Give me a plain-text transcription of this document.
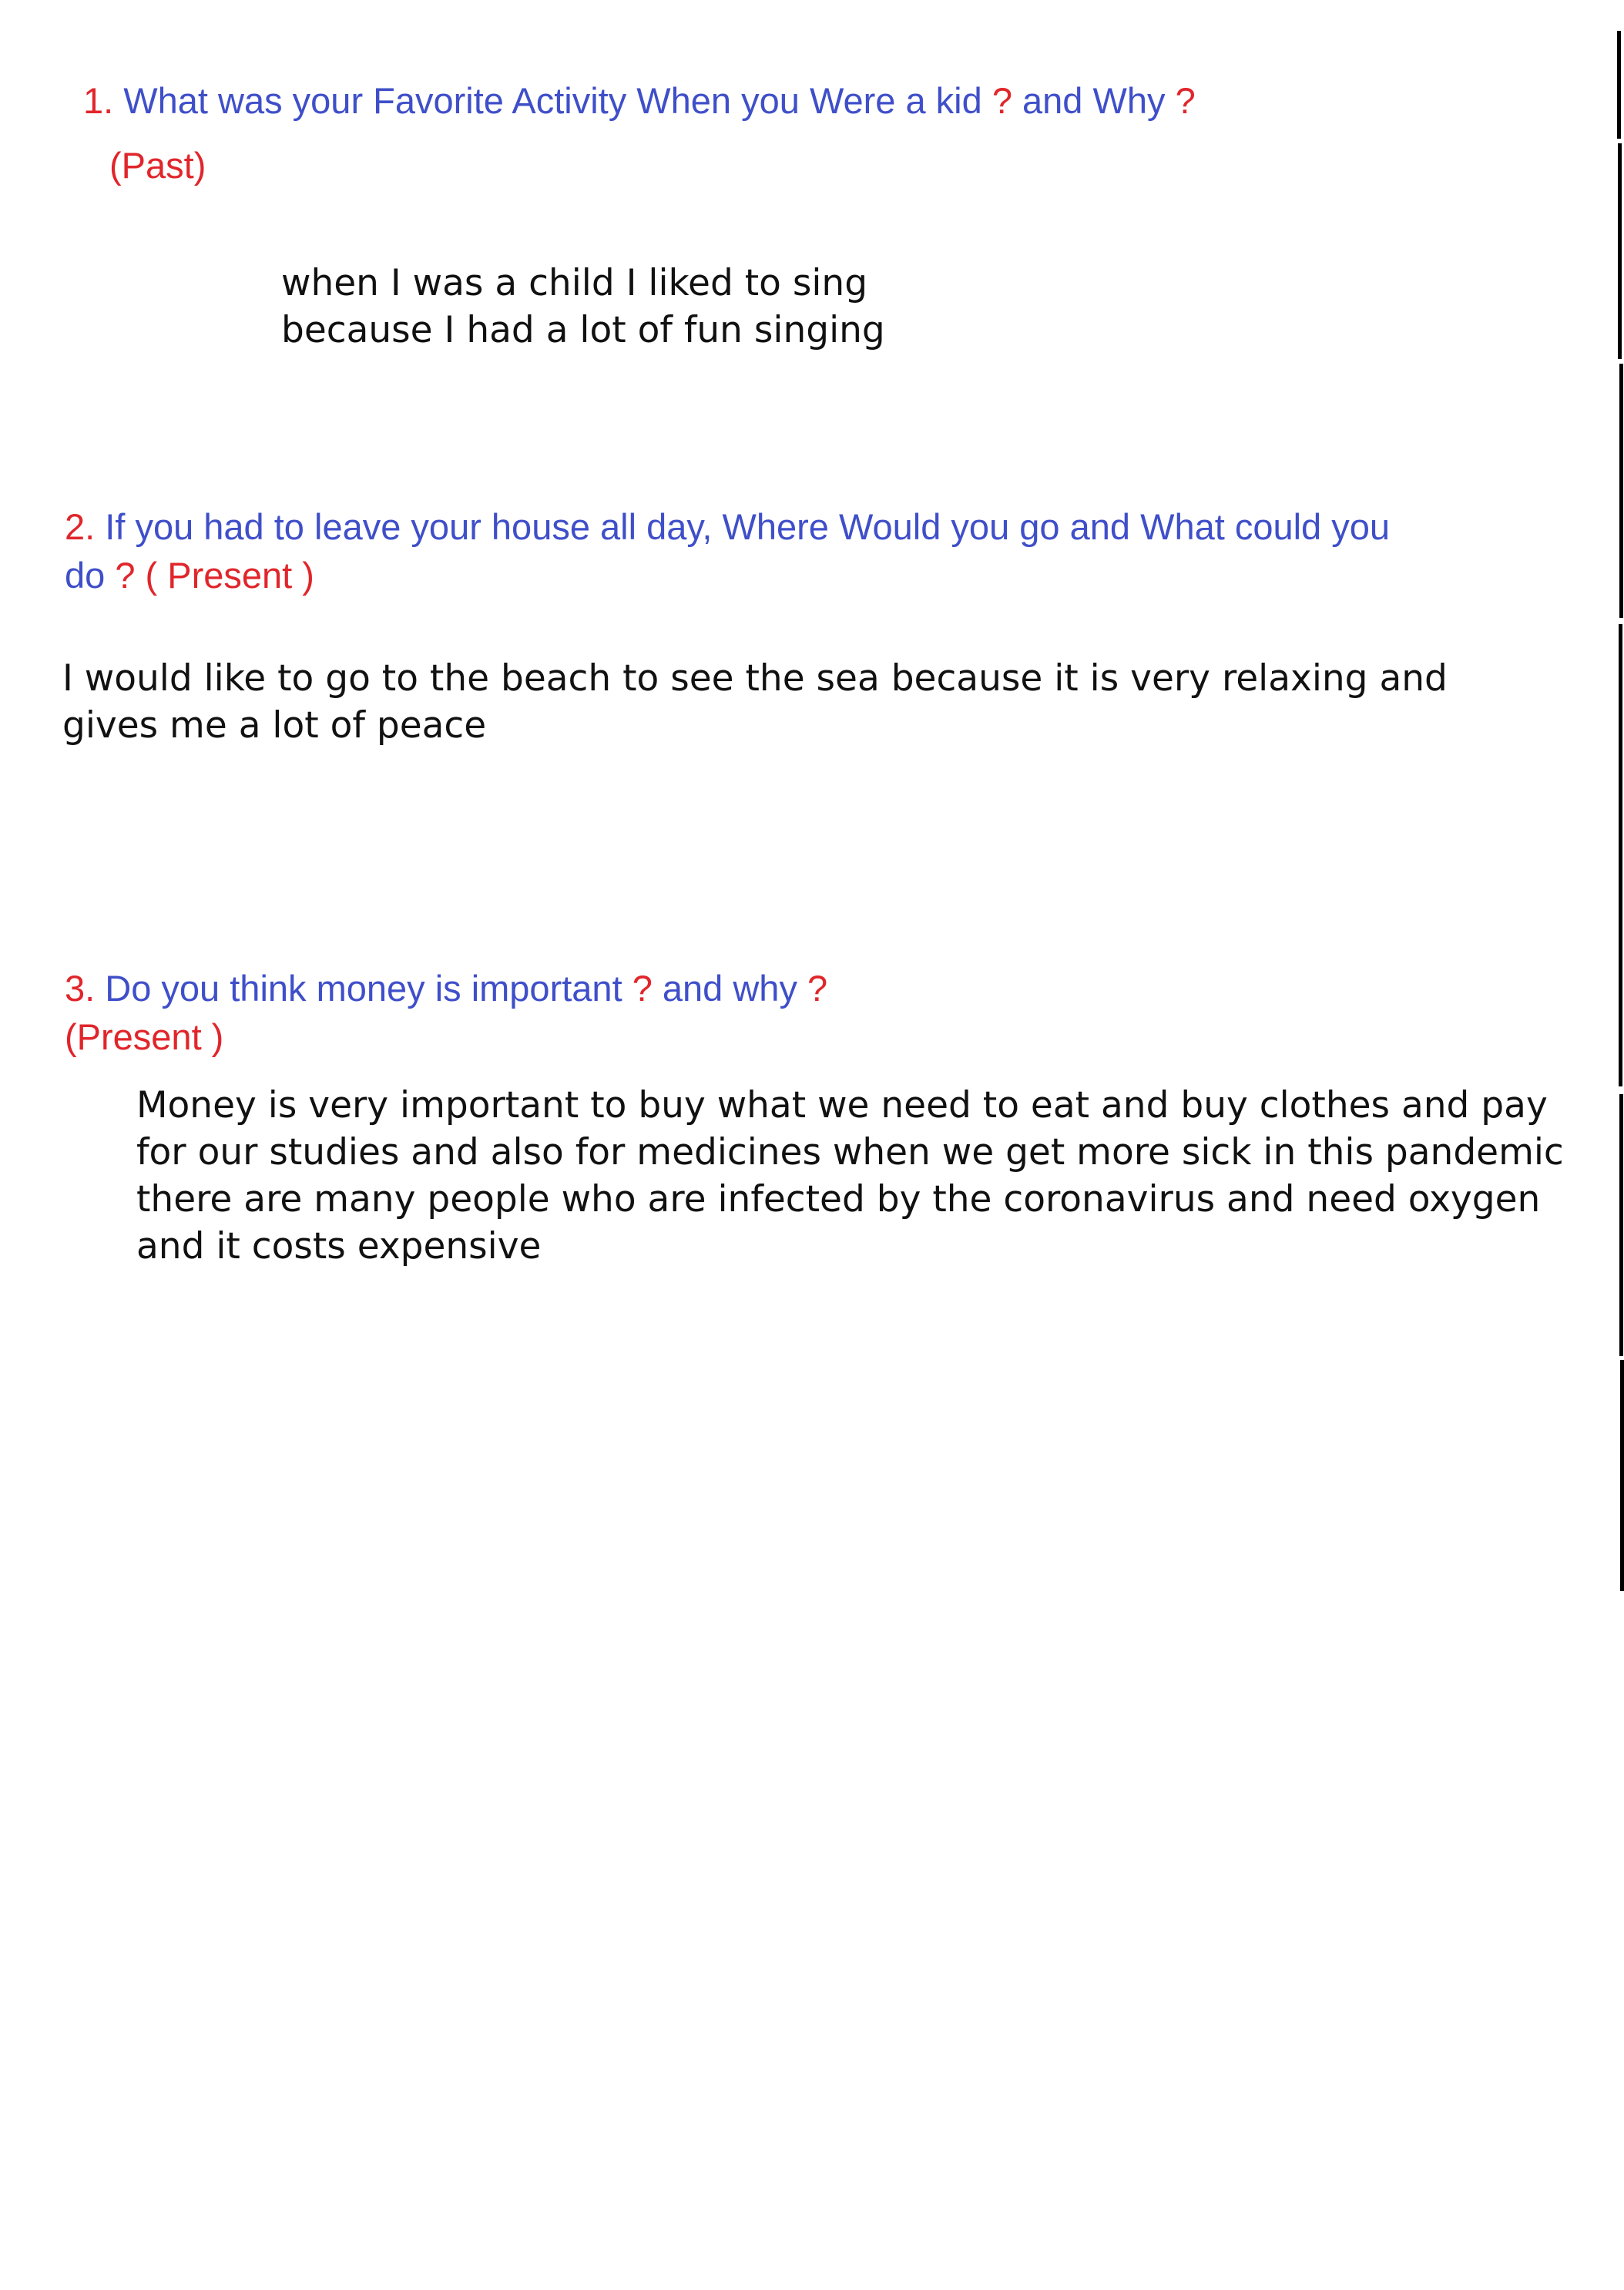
1. What was your Favorite Activity When you Were a kid ? and Why ?
(Past)
when I was a child I liked to sing
because I had a lot of fun singing
2. If you had to leave your house all day, Where Would you go and What could you
do ? ( Present )
I would like to go to the beach to see the sea because it is very relaxing and
gives me a lot of peace
3. Do you think money is important ? and why ?
(Present )
Money is very important to buy what we need to eat and buy clothes and pay
for our studies and also for medicines when we get more sick in this pandemic
there are many people who are infected by the coronavirus and need oxygen
and it costs expensive
